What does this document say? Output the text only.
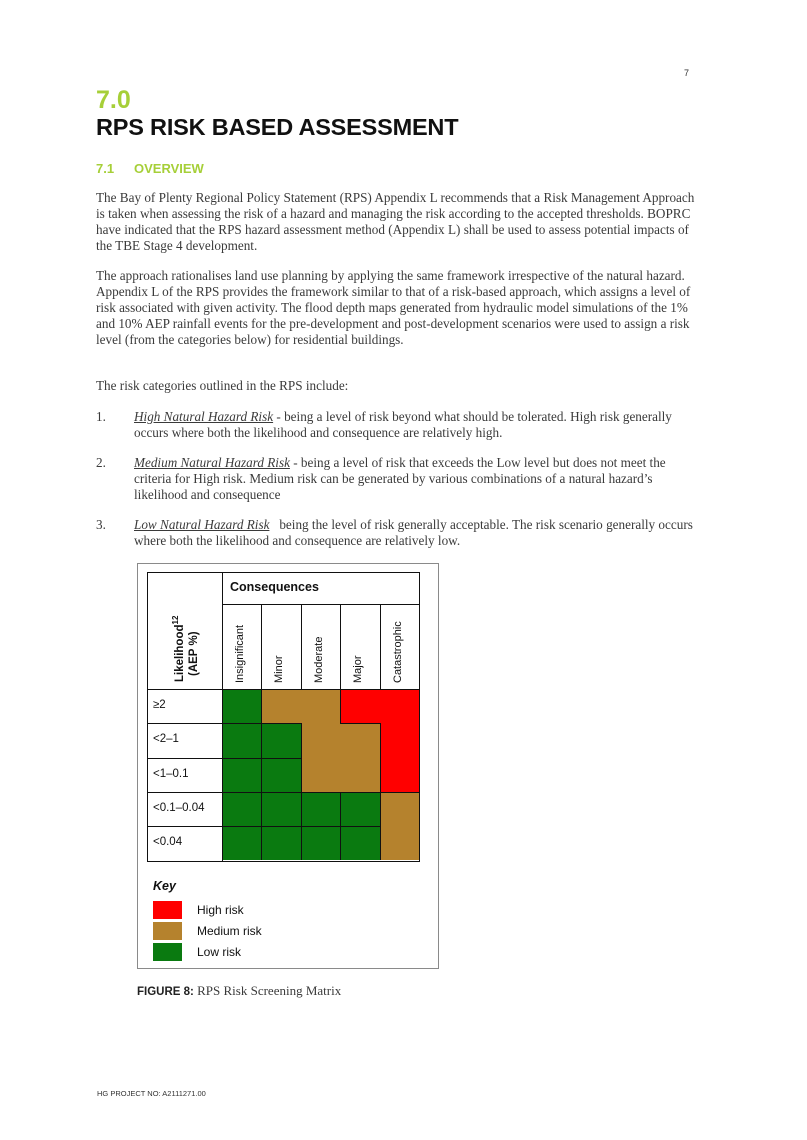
7
7.0
RPS RISK BASED ASSESSMENT
7.1 OVERVIEW

The Bay of Plenty Regional Policy Statement (RPS) Appendix L recommends that a Risk Management Approach is taken when assessing the risk of a hazard and managing the risk according to the accepted thresholds. BOPRC have indicated that the RPS hazard assessment method (Appendix L) shall be used to assess potential impacts of the TBE Stage 4 development.

The approach rationalises land use planning by applying the same framework irrespective of the natural hazard. Appendix L of the RPS provides the framework similar to that of a risk-based approach, which assigns a level of risk associated with given activity. The flood depth maps generated from hydraulic model simulations of the 1% and 10% AEP rainfall events for the pre-development and post-development scenarios were used to assign a risk level (from the categories below) for residential buildings.

The risk categories outlined in the RPS include:

1. High Natural Hazard Risk - being a level of risk beyond what should be tolerated. High risk generally occurs where both the likelihood and consequence are relatively high.
2. Medium Natural Hazard Risk - being a level of risk that exceeds the Low level but does not meet the criteria for High risk. Medium risk can be generated by various combinations of a natural hazard’s likelihood and consequence
3. Low Natural Hazard Risk   being the level of risk generally acceptable. The risk scenario generally occurs where both the likelihood and consequence are relatively low.
Consequences
Likelihood$^{12}$
(AEP %)	Insignificant Minor Moderate Major Catastrophic
≥2
<2–1
<1–0.1
<0.1–0.04
<0.04
Key
High risk
Medium risk
Low risk
FIGURE 8: RPS Risk Screening Matrix
HG PROJECT NO: A2111271.00
